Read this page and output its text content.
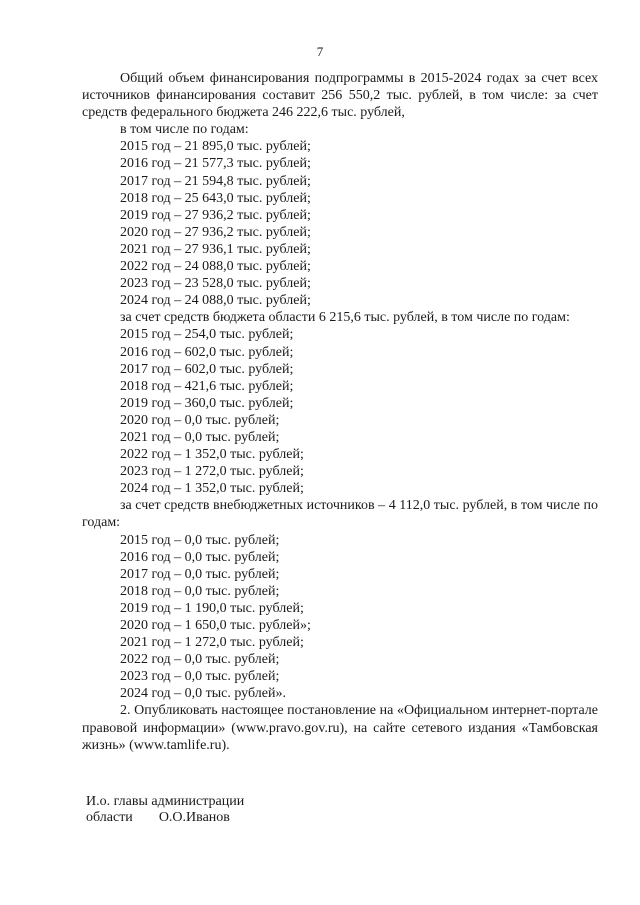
7
Общий объем финансирования подпрограммы в 2015-2024 годах за счет всех источников финансирования составит 256 550,2 тыс. рублей, в том числе: за счет средств федерального бюджета 246 222,6 тыс. рублей,
в том числе по годам:
2015 год – 21 895,0 тыс. рублей;
2016 год – 21 577,3 тыс. рублей;
2017 год – 21 594,8 тыс. рублей;
2018 год – 25 643,0 тыс. рублей;
2019 год – 27 936,2 тыс. рублей;
2020 год – 27 936,2 тыс. рублей;
2021 год – 27 936,1 тыс. рублей;
2022 год – 24 088,0 тыс. рублей;
2023 год – 23 528,0 тыс. рублей;
2024 год – 24 088,0 тыс. рублей;
за счет средств бюджета области 6 215,6 тыс. рублей, в том числе по годам:
2015 год – 254,0 тыс. рублей;
2016 год – 602,0 тыс. рублей;
2017 год – 602,0 тыс. рублей;
2018 год – 421,6 тыс. рублей;
2019 год – 360,0 тыс. рублей;
2020 год – 0,0 тыс. рублей;
2021 год – 0,0 тыс. рублей;
2022 год – 1 352,0 тыс. рублей;
2023 год – 1 272,0 тыс. рублей;
2024 год – 1 352,0 тыс. рублей;
за счет средств внебюджетных источников – 4 112,0 тыс. рублей, в том числе по годам:
2015 год – 0,0 тыс. рублей;
2016 год – 0,0 тыс. рублей;
2017 год – 0,0 тыс. рублей;
2018 год – 0,0 тыс. рублей;
2019 год – 1 190,0 тыс. рублей;
2020 год – 1 650,0 тыс. рублей»;
2021 год – 1 272,0 тыс. рублей;
2022 год – 0,0 тыс. рублей;
2023 год – 0,0 тыс. рублей;
2024 год – 0,0 тыс. рублей».
2. Опубликовать настоящее постановление на «Официальном интернет-портале правовой информации» (www.pravo.gov.ru), на сайте сетевого издания «Тамбовская жизнь» (www.tamlife.ru).
И.о. главы администрации
области О.О.Иванов
